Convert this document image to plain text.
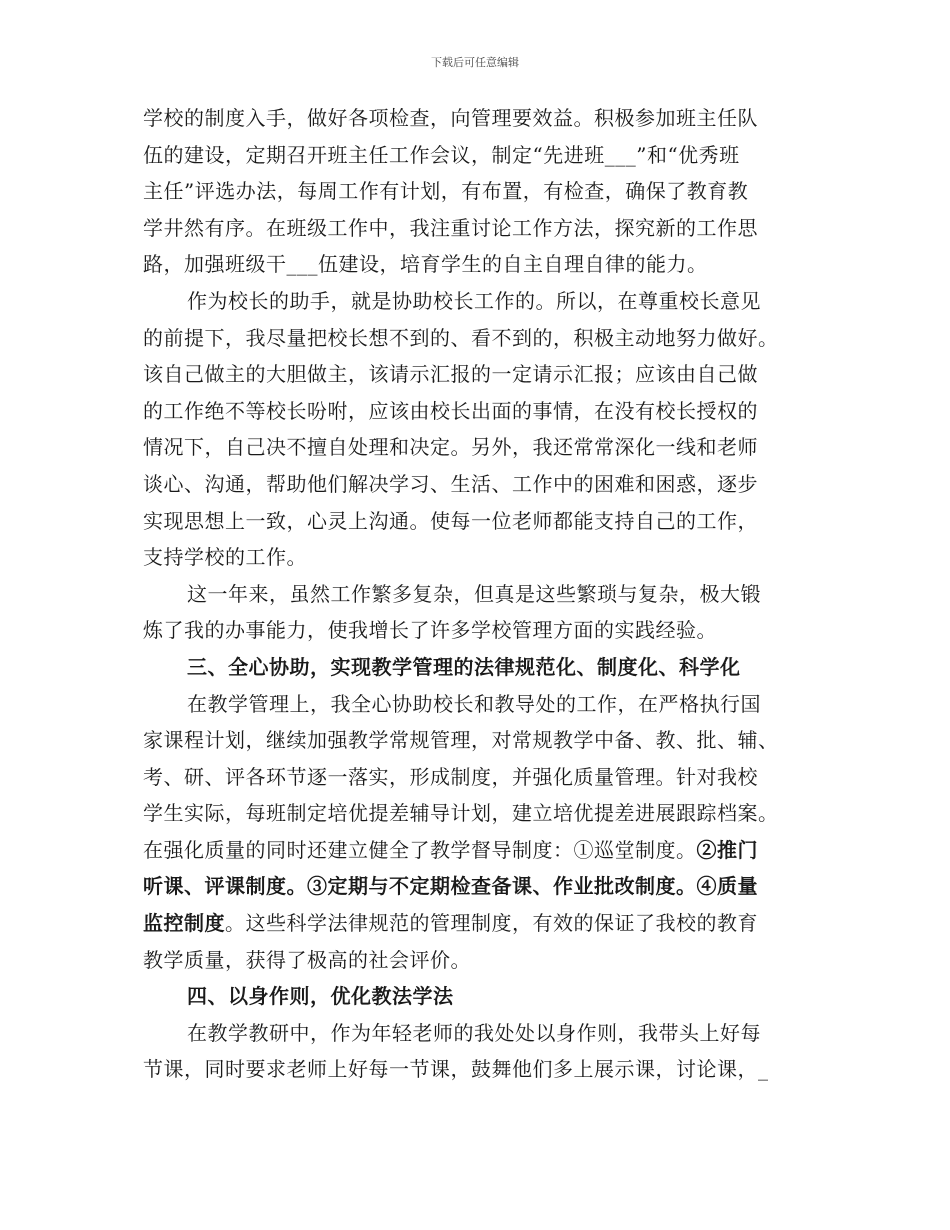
下载后可任意编辑
学校的制度入手，做好各项检查，向管理要效益。积极参加班主任队
伍的建设，定期召开班主任工作会议，制定“先进班___”和“优秀班
主任”评选办法，每周工作有计划，有布置，有检查，确保了教育教
学井然有序。在班级工作中，我注重讨论工作方法，探究新的工作思
路，加强班级干___伍建设，培育学生的自主自理自律的能力。
作为校长的助手，就是协助校长工作的。所以，在尊重校长意见
的前提下，我尽量把校长想不到的、看不到的，积极主动地努力做好。
该自己做主的大胆做主，该请示汇报的一定请示汇报；应该由自己做
的工作绝不等校长吩咐，应该由校长出面的事情，在没有校长授权的
情况下，自己决不擅自处理和决定。另外，我还常常深化一线和老师
谈心、沟通，帮助他们解决学习、生活、工作中的困难和困惑，逐步
实现思想上一致，心灵上沟通。使每一位老师都能支持自己的工作，
支持学校的工作。
这一年来，虽然工作繁多复杂，但真是这些繁琐与复杂，极大锻
炼了我的办事能力，使我增长了许多学校管理方面的实践经验。
三、全心协助，实现教学管理的法律规范化、制度化、科学化
在教学管理上，我全心协助校长和教导处的工作，在严格执行国
家课程计划，继续加强教学常规管理，对常规教学中备、教、批、辅、
考、研、评各环节逐一落实，形成制度，并强化质量管理。针对我校
学生实际，每班制定培优提差辅导计划，建立培优提差进展跟踪档案。
在强化质量的同时还建立健全了教学督导制度：①巡堂制度。②推门
听课、评课制度。③定期与不定期检查备课、作业批改制度。④质量
监控制度。这些科学法律规范的管理制度，有效的保证了我校的教育
教学质量，获得了极高的社会评价。
四、以身作则，优化教法学法
在教学教研中，作为年轻老师的我处处以身作则，我带头上好每
节课，同时要求老师上好每一节课，鼓舞他们多上展示课，讨论课，_
